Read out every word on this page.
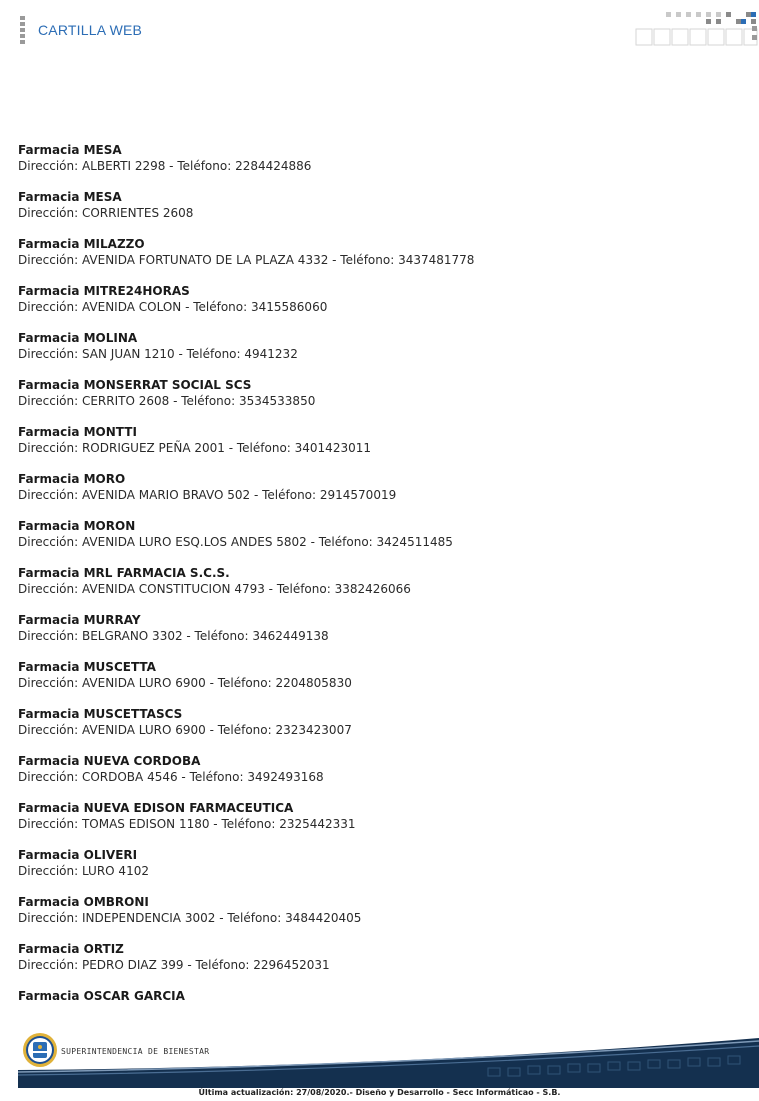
CARTILLA WEB

Farmacia MESA

Dirección: ALBERTI 2298 - Teléfono: 2284424886

Farmacia MESA

Dirección: CORRIENTES 2608

Farmacia MILAZZO

Dirección: AVENIDA FORTUNATO DE LA PLAZA 4332 - Teléfono: 3437481778

Farmacia MITRE24HORAS

Dirección: AVENIDA COLON - Teléfono: 3415586060

Farmacia MOLINA

Dirección: SAN JUAN 1210 - Teléfono: 4941232

Farmacia MONSERRAT SOCIAL SCS

Dirección: CERRITO 2608 - Teléfono: 3534533850

Farmacia MONTTI

Dirección: RODRIGUEZ PEÑA 2001 - Teléfono: 3401423011

Farmacia MORO

Dirección: AVENIDA MARIO BRAVO 502 - Teléfono: 2914570019

Farmacia MORON

Dirección: AVENIDA LURO ESQ.LOS ANDES 5802 - Teléfono: 3424511485

Farmacia MRL FARMACIA S.C.S.

Dirección: AVENIDA CONSTITUCION 4793 - Teléfono: 3382426066

Farmacia MURRAY

Dirección: BELGRANO 3302 - Teléfono: 3462449138

Farmacia MUSCETTA

Dirección: AVENIDA LURO 6900 - Teléfono: 2204805830

Farmacia MUSCETTASCS

Dirección: AVENIDA LURO 6900 - Teléfono: 2323423007

Farmacia NUEVA CORDOBA

Dirección: CORDOBA 4546 - Teléfono: 3492493168

Farmacia NUEVA EDISON FARMACEUTICA

Dirección: TOMAS EDISON 1180 - Teléfono: 2325442331

Farmacia OLIVERI

Dirección: LURO 4102

Farmacia OMBRONI

Dirección: INDEPENDENCIA 3002 - Teléfono: 3484420405

Farmacia ORTIZ

Dirección: PEDRO DIAZ 399 - Teléfono: 2296452031

Farmacia OSCAR GARCIA

SUPERINTENDENCIA DE BIENESTAR
Última actualización: 27/08/2020.- Diseño y Desarrollo - Secc Informáticao - S.B.
